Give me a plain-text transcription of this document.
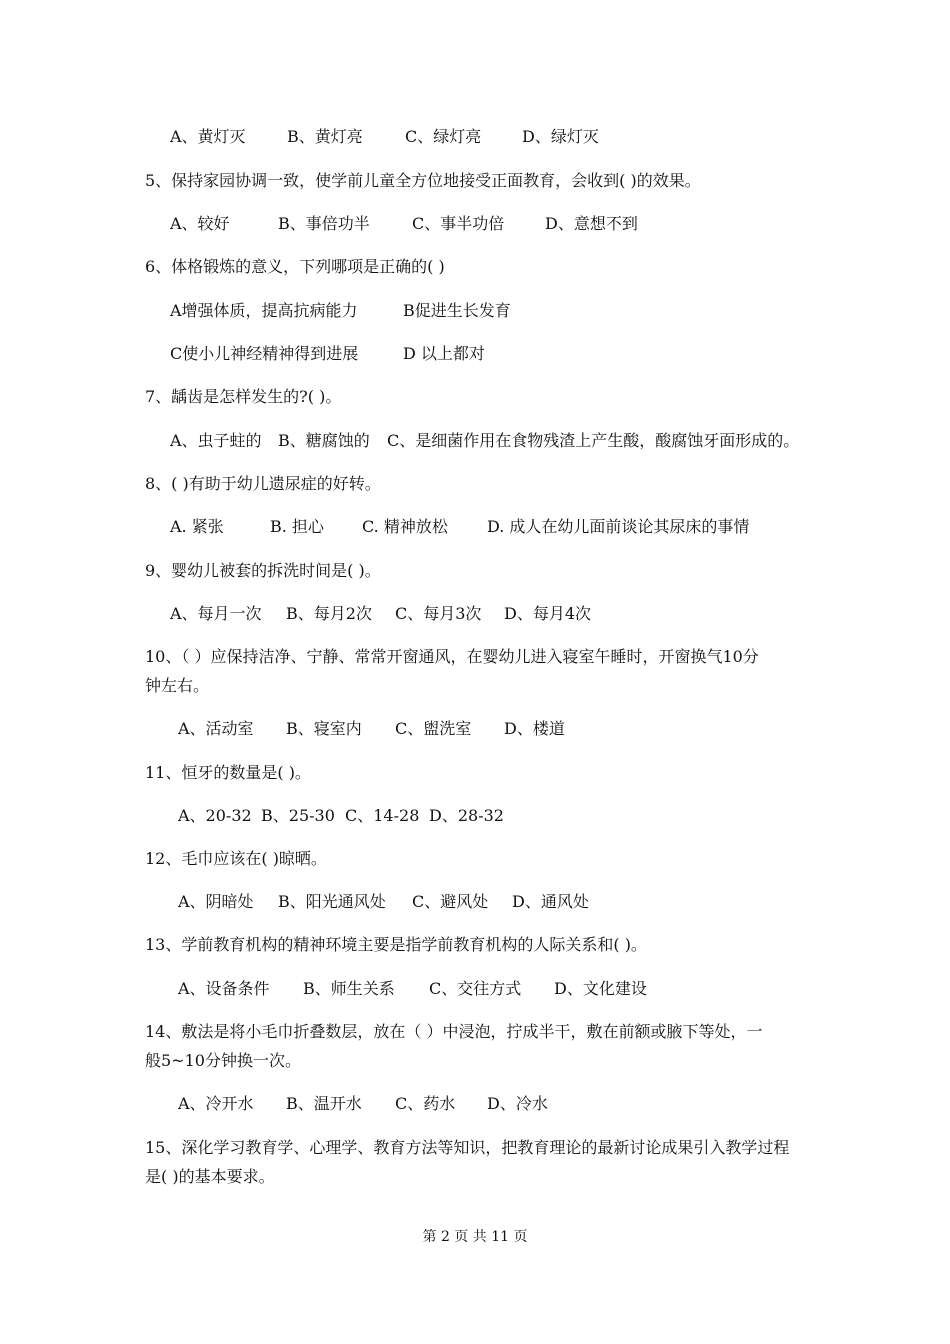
A、黄灯灭	B、黄灯亮	C、绿灯亮	D、绿灯灭
5、保持家园协调一致，使学前儿童全方位地接受正面教育，会收到( )的效果。
A、较好	B、事倍功半	C、事半功倍	D、意想不到
6、体格锻炼的意义，下列哪项是正确的( )
A增强体质，提高抗病能力	B促进生长发育
C使小儿神经精神得到进展	D 以上都对
7、龋齿是怎样发生的?( )。
A、虫子蛀的 B、糖腐蚀的 C、是细菌作用在食物残渣上产生酸，酸腐蚀牙面形成的。
8、( )有助于幼儿遗尿症的好转。
A. 紧张	B. 担心 C. 精神放松 D. 成人在幼儿面前谈论其尿床的事情
9、婴幼儿被套的拆洗时间是( )。
A、每月一次 B、每月2次 C、每月3次 D、每月4次
10、（ ）应保持洁净、宁静、常常开窗通风，在婴幼儿进入寝室午睡时，开窗换气10分
钟左右。
A、活动室 B、寝室内 C、盥洗室 D、楼道
11、恒牙的数量是( )。
A、20-32 B、25-30 C、14-28 D、28-32
12、毛巾应该在( )晾晒。
A、阴暗处 B、阳光通风处 C、避风处 D、通风处
13、学前教育机构的精神环境主要是指学前教育机构的人际关系和( )。
A、设备条件 B、师生关系 C、交往方式 D、文化建设
14、敷法是将小毛巾折叠数层，放在（ ）中浸泡，拧成半干，敷在前额或腋下等处，一
般5~10分钟换一次。
A、冷开水 B、温开水 C、药水 D、冷水
15、深化学习教育学、心理学、教育方法等知识，把教育理论的最新讨论成果引入教学过程
是( )的基本要求。
第 2 页 共 11 页
